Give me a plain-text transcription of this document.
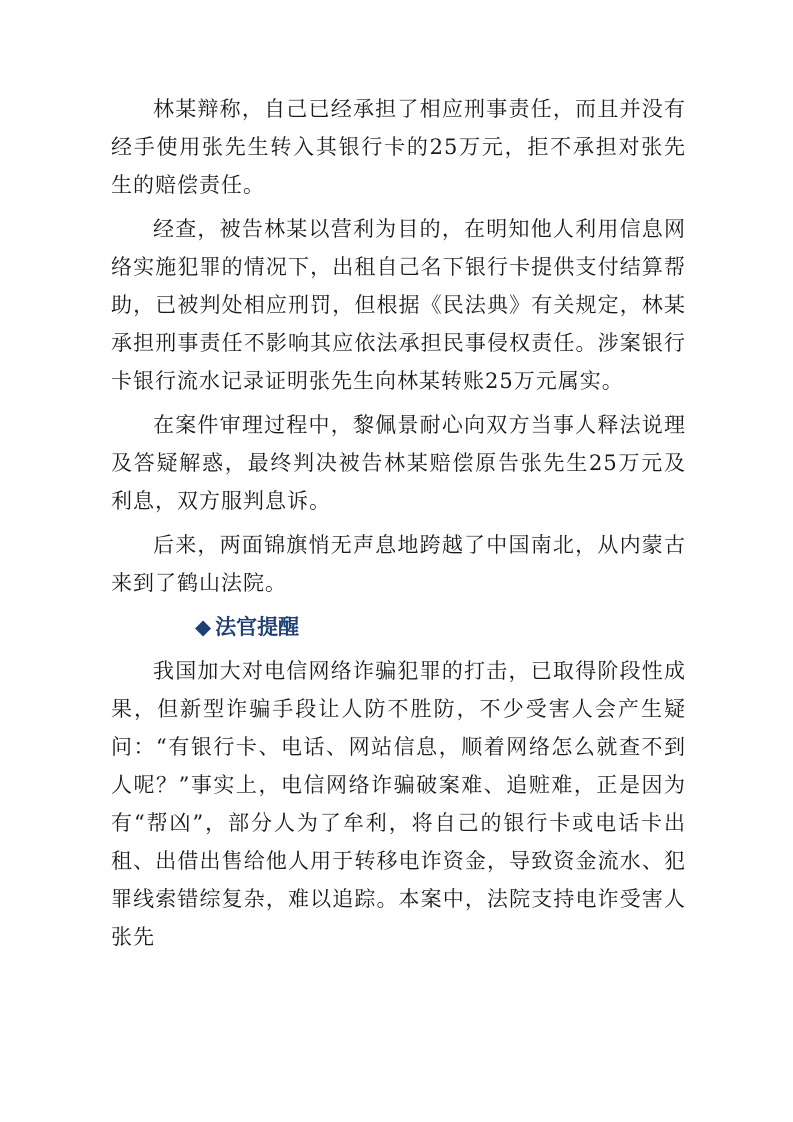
林某辩称，自己已经承担了相应刑事责任，而且并没有经手使用张先生转入其银行卡的25万元，拒不承担对张先生的赔偿责任。

经查，被告林某以营利为目的，在明知他人利用信息网络实施犯罪的情况下，出租自己名下银行卡提供支付结算帮助，已被判处相应刑罚，但根据《民法典》有关规定，林某承担刑事责任不影响其应依法承担民事侵权责任。涉案银行卡银行流水记录证明张先生向林某转账25万元属实。

在案件审理过程中，黎佩景耐心向双方当事人释法说理及答疑解惑，最终判决被告林某赔偿原告张先生25万元及利息，双方服判息诉。

后来，两面锦旗悄无声息地跨越了中国南北，从内蒙古来到了鹤山法院。

◆ 法官提醒

我国加大对电信网络诈骗犯罪的打击，已取得阶段性成果，但新型诈骗手段让人防不胜防，不少受害人会产生疑问：“有银行卡、电话、网站信息，顺着网络怎么就查不到人呢？”事实上，电信网络诈骗破案难、追赃难，正是因为有“帮凶”，部分人为了牟利，将自己的银行卡或电话卡出租、出借出售给他人用于转移电诈资金，导致资金流水、犯罪线索错综复杂，难以追踪。本案中，法院支持电诈受害人张先
